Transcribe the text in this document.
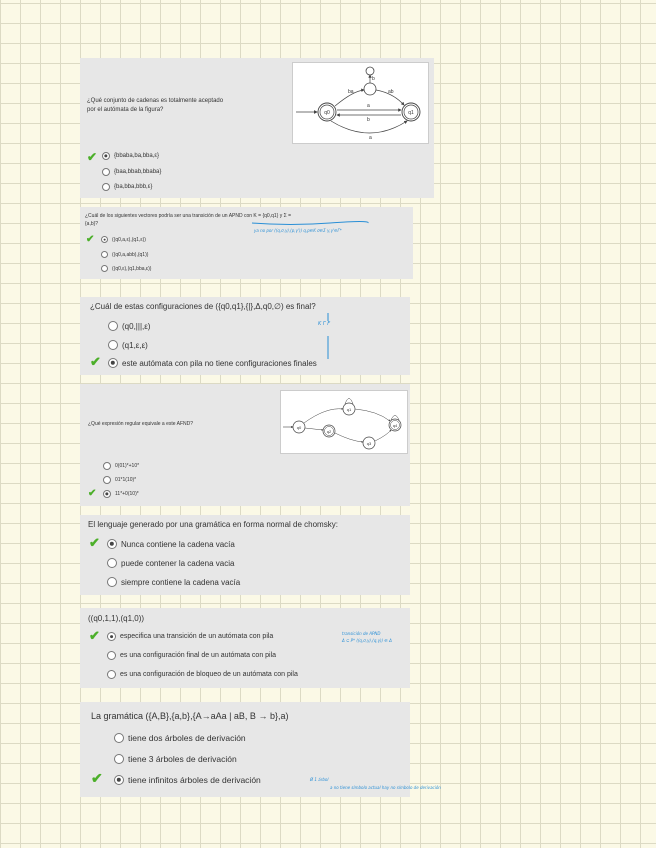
¿Qué conjunto de cadenas es totalmente aceptado
por el autómata de la figura?	q0	q1
ba	ab
b
a
b
a
✔	{bbaba,ba,bba,ε}
{baa,bbab,bbaba}
{ba,bba,bbb,ε}
¿Cuál de los siguientes vectores podría ser una transición de un APND con K = {q0,q1} y Σ =
{a,b}?
ya no por ((q,σ,γ),(p,γ')) q,p∈K σ∈Σ γ,γ'∈Γ*
✔	((q0,a,ε),(q1,ε))
((q0,a,abb),(q1))
((q0,ε),(q1,bba,ε))
¿Cuál de estas configuraciones de ({q0,q1},{|},Δ,q0,∅) es final?
K Γ F
(q0,|||,ε)
(q1,ε,ε)
✔	este autómata con pila no tiene configuraciones finales
¿Qué expresión regular equivale a este AFND?
q0
q1
q2
q3
q4
0(01)*+10*
01*1(10)*
✔	11*+0(10)*
El lenguaje generado por una gramática en forma normal de chomsky:
✔	Nunca contiene la cadena vacía
puede contener la cadena vacia
siempre contiene la cadena vacía
((q0,1,1),(q1,0))
✔	especifica una transición de un autómata con pila	transición de APND
Δ ⊆ P* ((q,σ,γ),(q,γ)) ∈ Δ
es una configuración final de un autómata con pila
es una configuración de bloqueo de un autómata con pila
La gramática ({A,B},{a,b},{A→aAa | aB, B → b},a)
tiene dos árboles de derivación
tiene 3 árboles de derivación
✔	tiene infinitos árboles de derivación	Ø 1 árbol
a no tiene símbolo actual hay no símbolo de derivación
